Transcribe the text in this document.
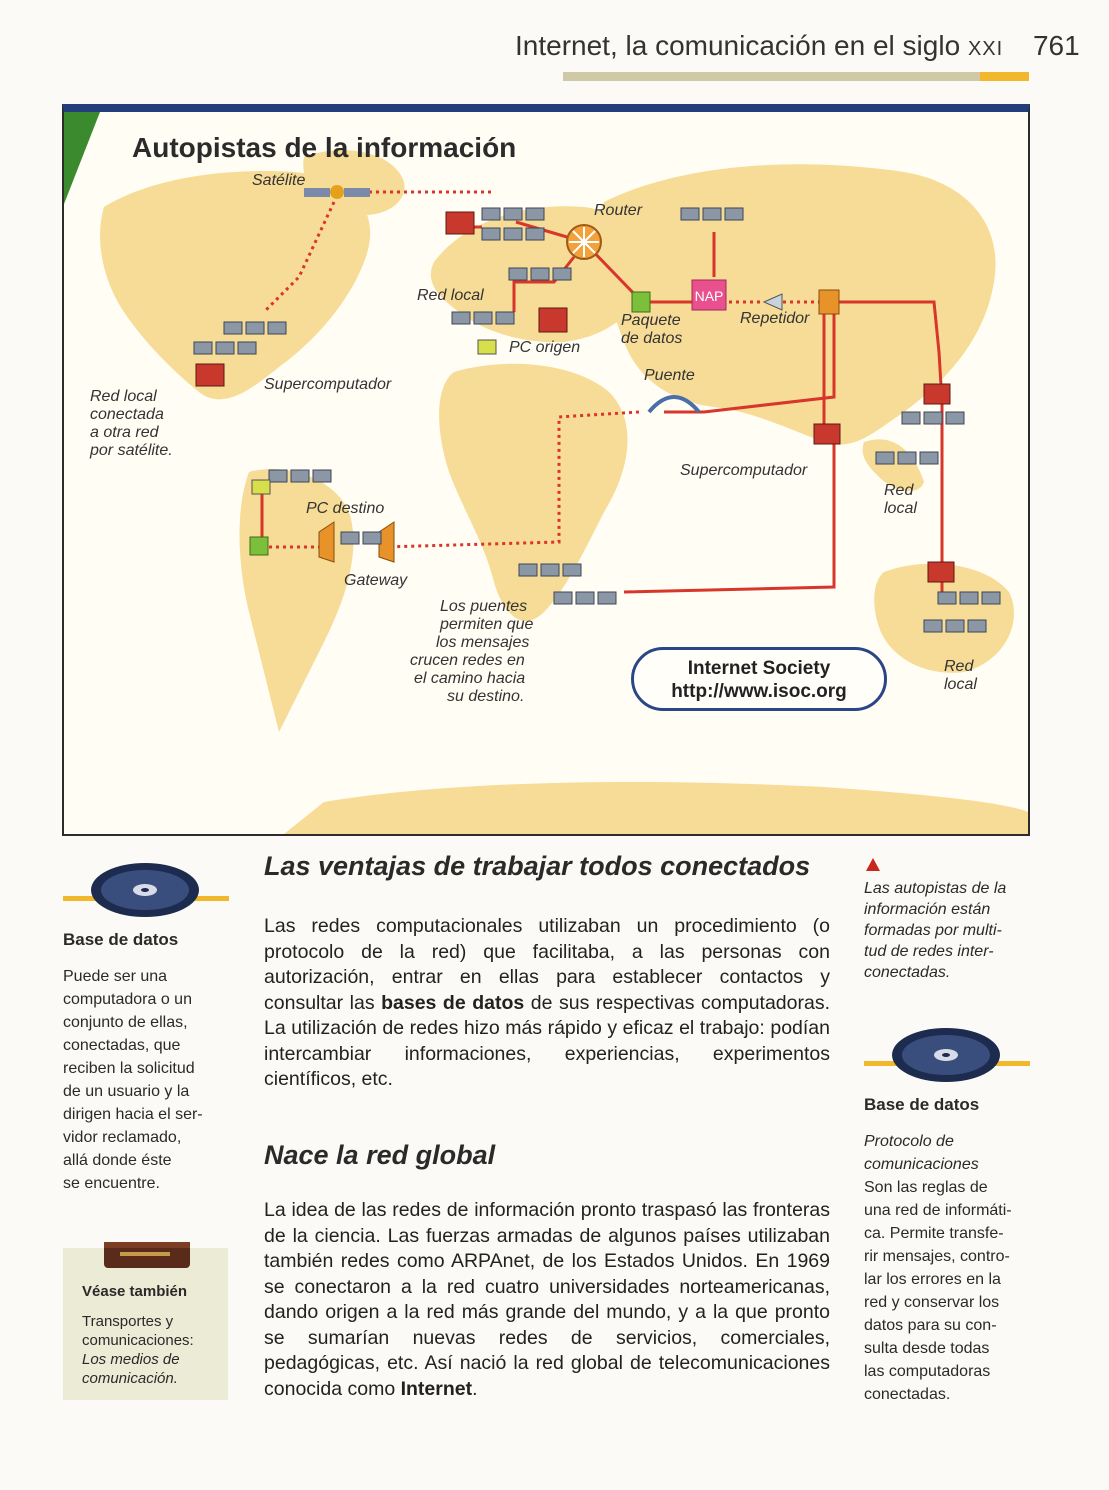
Internet, la comunicación en el siglo XXI 761
NAP
Autopistas de la información
Satélite
Router
Red local
Paquete
de datos
Repetidor
PC origen
Puente
Supercomputador
Supercomputador
Red local
conectada
a otra red
por satélite.
PC destino
Gateway
Los puentes
permiten que
los mensajes
crucen redes en
el camino hacia
su destino.
Red
local
Red
local
Internet Society
http://www.isoc.org
Base de datos
Puede ser una
computadora o un
conjunto de ellas,
conectadas, que
reciben la solicitud
de un usuario y la
dirigen hacia el ser-
vidor reclamado,
allá donde éste
se encuentre.
Véase también
Transportes y
comunicaciones:
Los medios de
comunicación.
Las ventajas de trabajar todos conectados
Las redes computacionales utilizaban un procedimiento (o protocolo de la red) que facilitaba, a las personas con autorización, entrar en ellas para establecer contactos y consultar las bases de datos de sus respectivas computadoras. La utilización de redes hizo más rápido y eficaz el trabajo: podían intercambiar informaciones, experiencias, experimentos científicos, etc.
Nace la red global
La idea de las redes de información pronto traspasó las fronteras de la ciencia. Las fuerzas armadas de algunos países utilizaban también redes como ARPAnet, de los Estados Unidos. En 1969 se conectaron a la red cuatro universidades norteamericanas, dando origen a la red más grande del mundo, y a la que pronto se sumarían nuevas redes de servicios, comerciales, pedagógicas, etc. Así nació la red global de telecomunicaciones conocida como Internet.
Las autopistas de la
información están
formadas por multi-
tud de redes inter-
conectadas.
Base de datos
Protocolo de
comunicaciones
Son las reglas de
una red de informáti-
ca. Permite transfe-
rir mensajes, contro-
lar los errores en la
red y conservar los
datos para su con-
sulta desde todas
las computadoras
conectadas.
